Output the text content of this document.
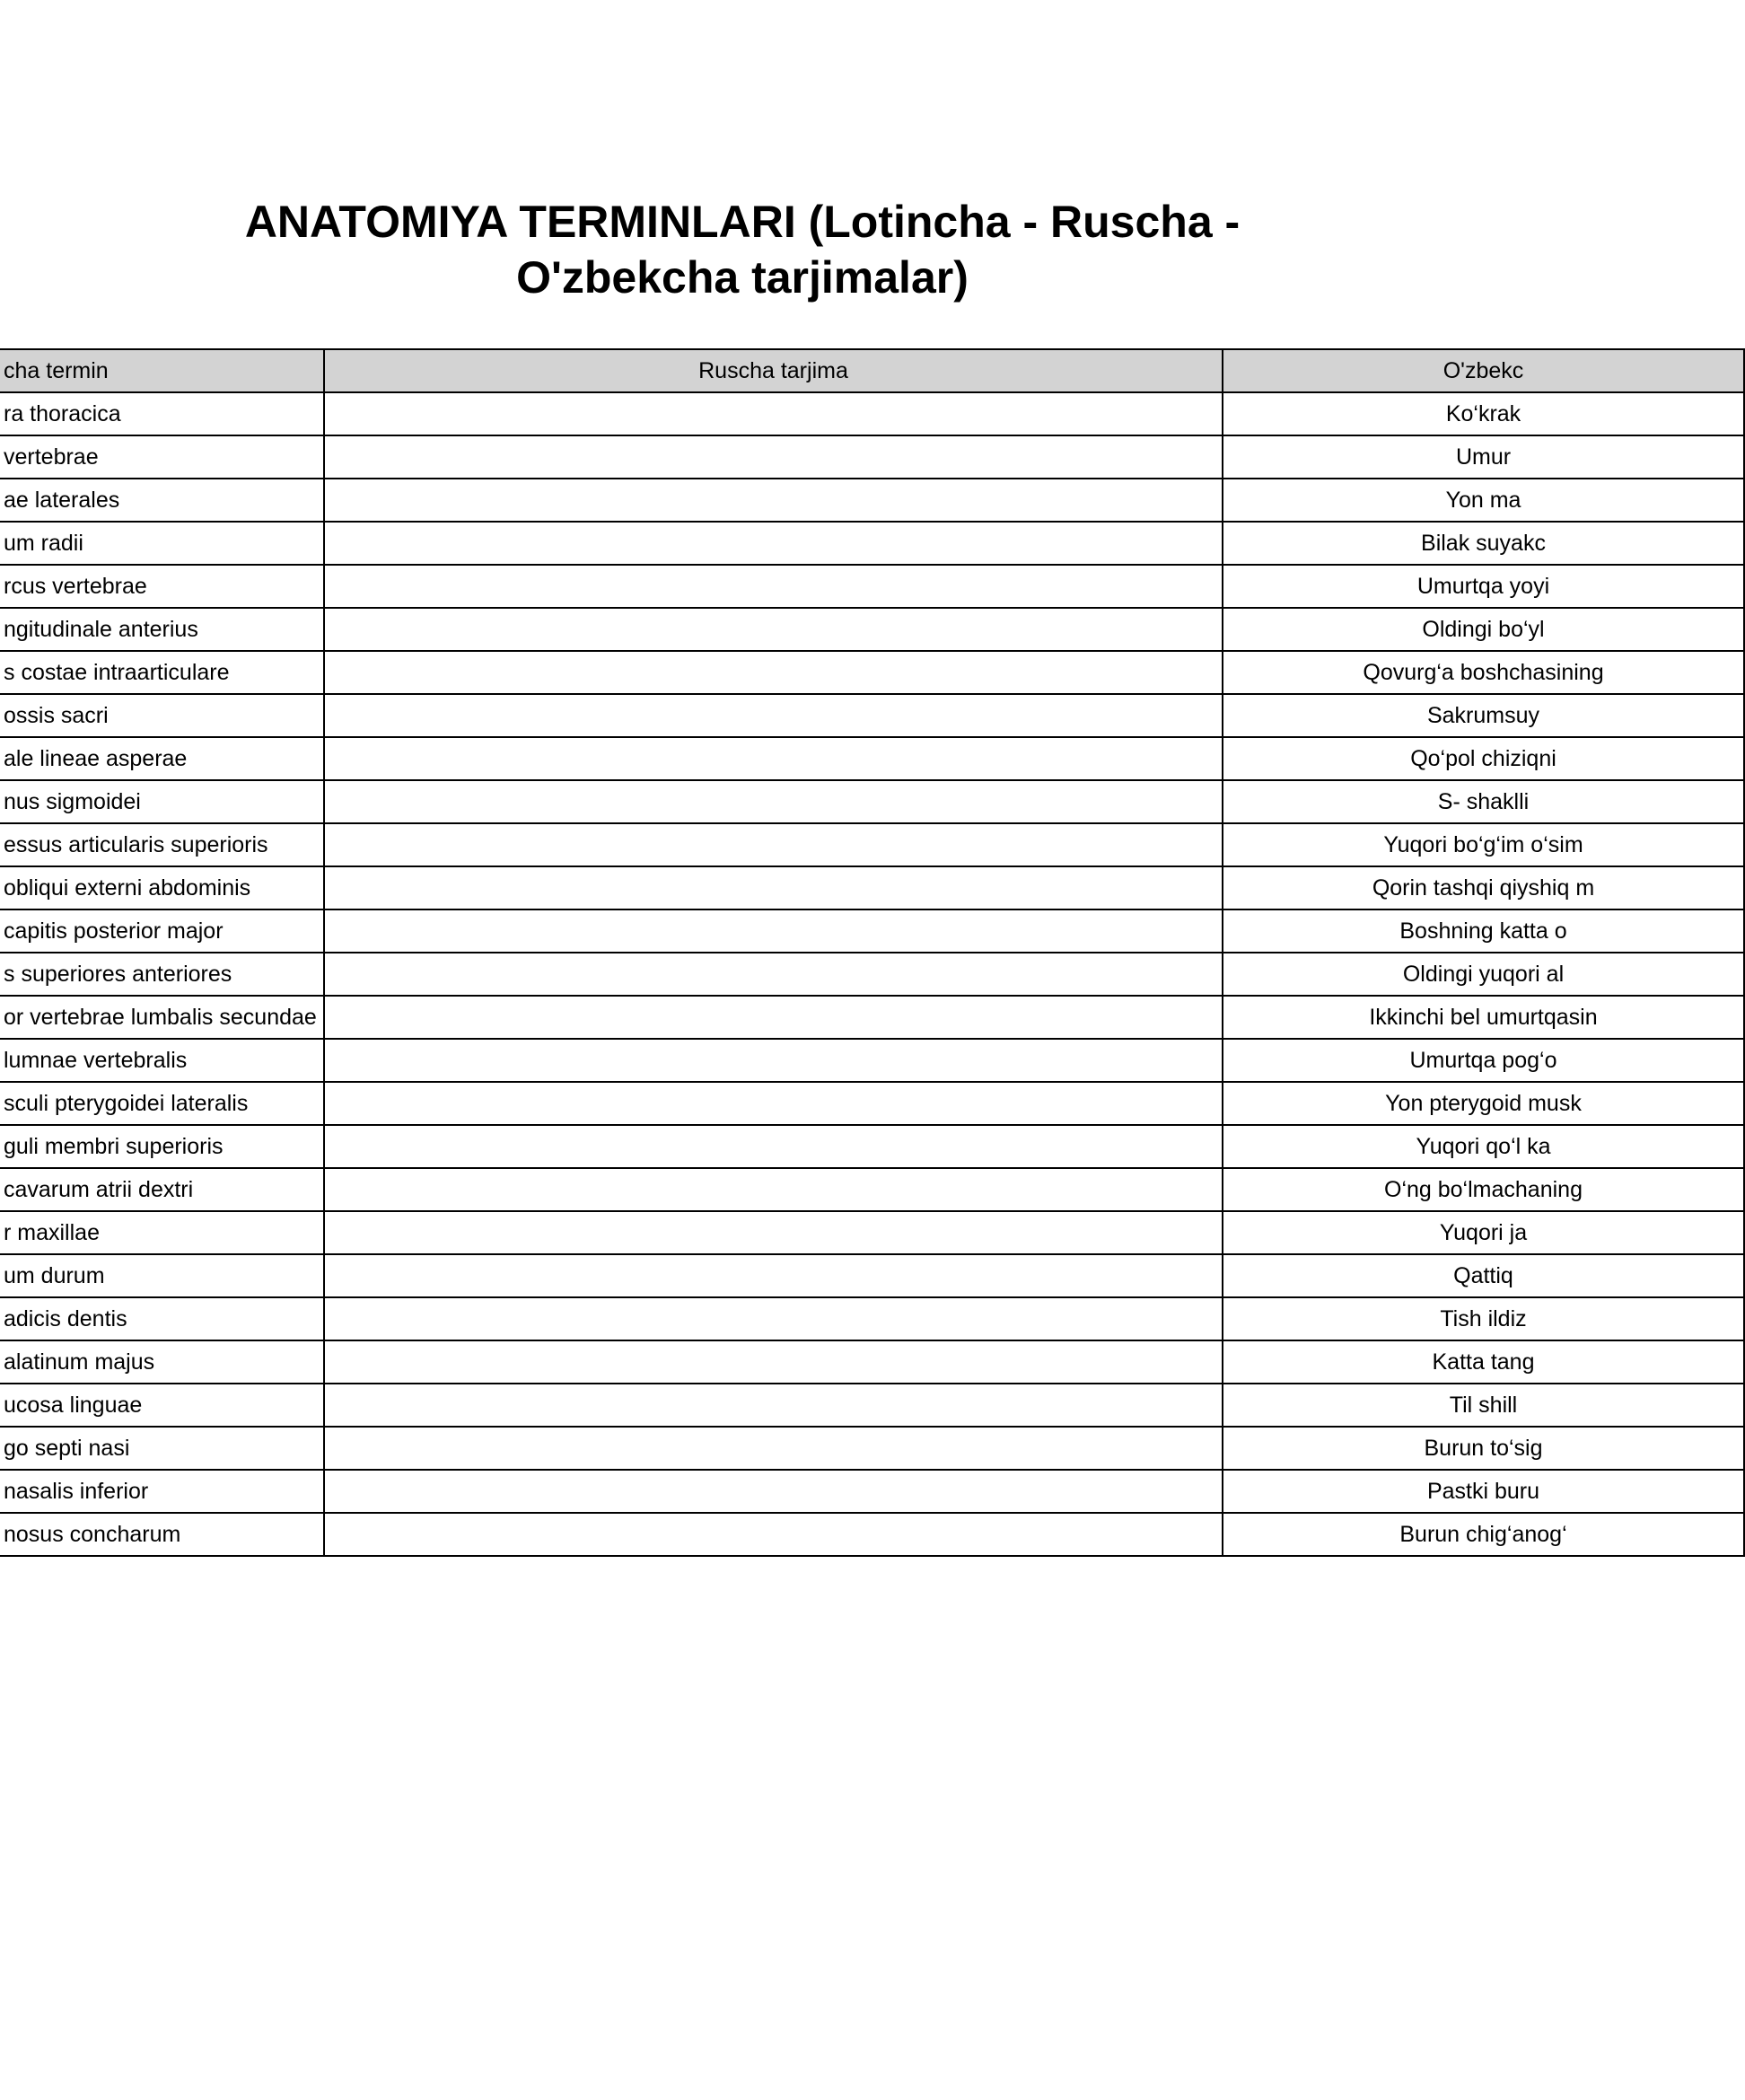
ANATOMIYA TERMINLARI (Lotincha - Ruscha -
O'zbekcha tarjimalar)
cha termin	Ruscha tarjima	O'zbekc
ra thoracica		Ko‘krak
vertebrae		Umur
ae laterales		Yon ma
um radii		Bilak suyakc
rcus vertebrae		Umurtqa yoyi
ngitudinale anterius		Oldingi bo‘yl
s costae intraarticulare		Qovurg‘a boshchasining
ossis sacri		Sakrumsuy
ale lineae asperae		Qo‘pol chiziqni
nus sigmoidei		S- shaklli
essus articularis superioris		Yuqori bo‘g‘im o‘sim
obliqui externi abdominis		Qorin tashqi qiyshiq m
capitis posterior major		Boshning katta o
s superiores anteriores		Oldingi yuqori al
or vertebrae lumbalis secundae		Ikkinchi bel umurtqasin
lumnae vertebralis		Umurtqa pog‘o
sculi pterygoidei lateralis		Yon pterygoid musk
guli membri superioris		Yuqori qo‘l ka
cavarum atrii dextri		O‘ng bo‘lmachaning
r maxillae		Yuqori ja
um durum		Qattiq
adicis dentis		Tish ildiz
alatinum majus		Katta tang
ucosa linguae		Til shill
go septi nasi		Burun to‘sig
nasalis inferior		Pastki buru
nosus concharum		Burun chig‘anog‘
